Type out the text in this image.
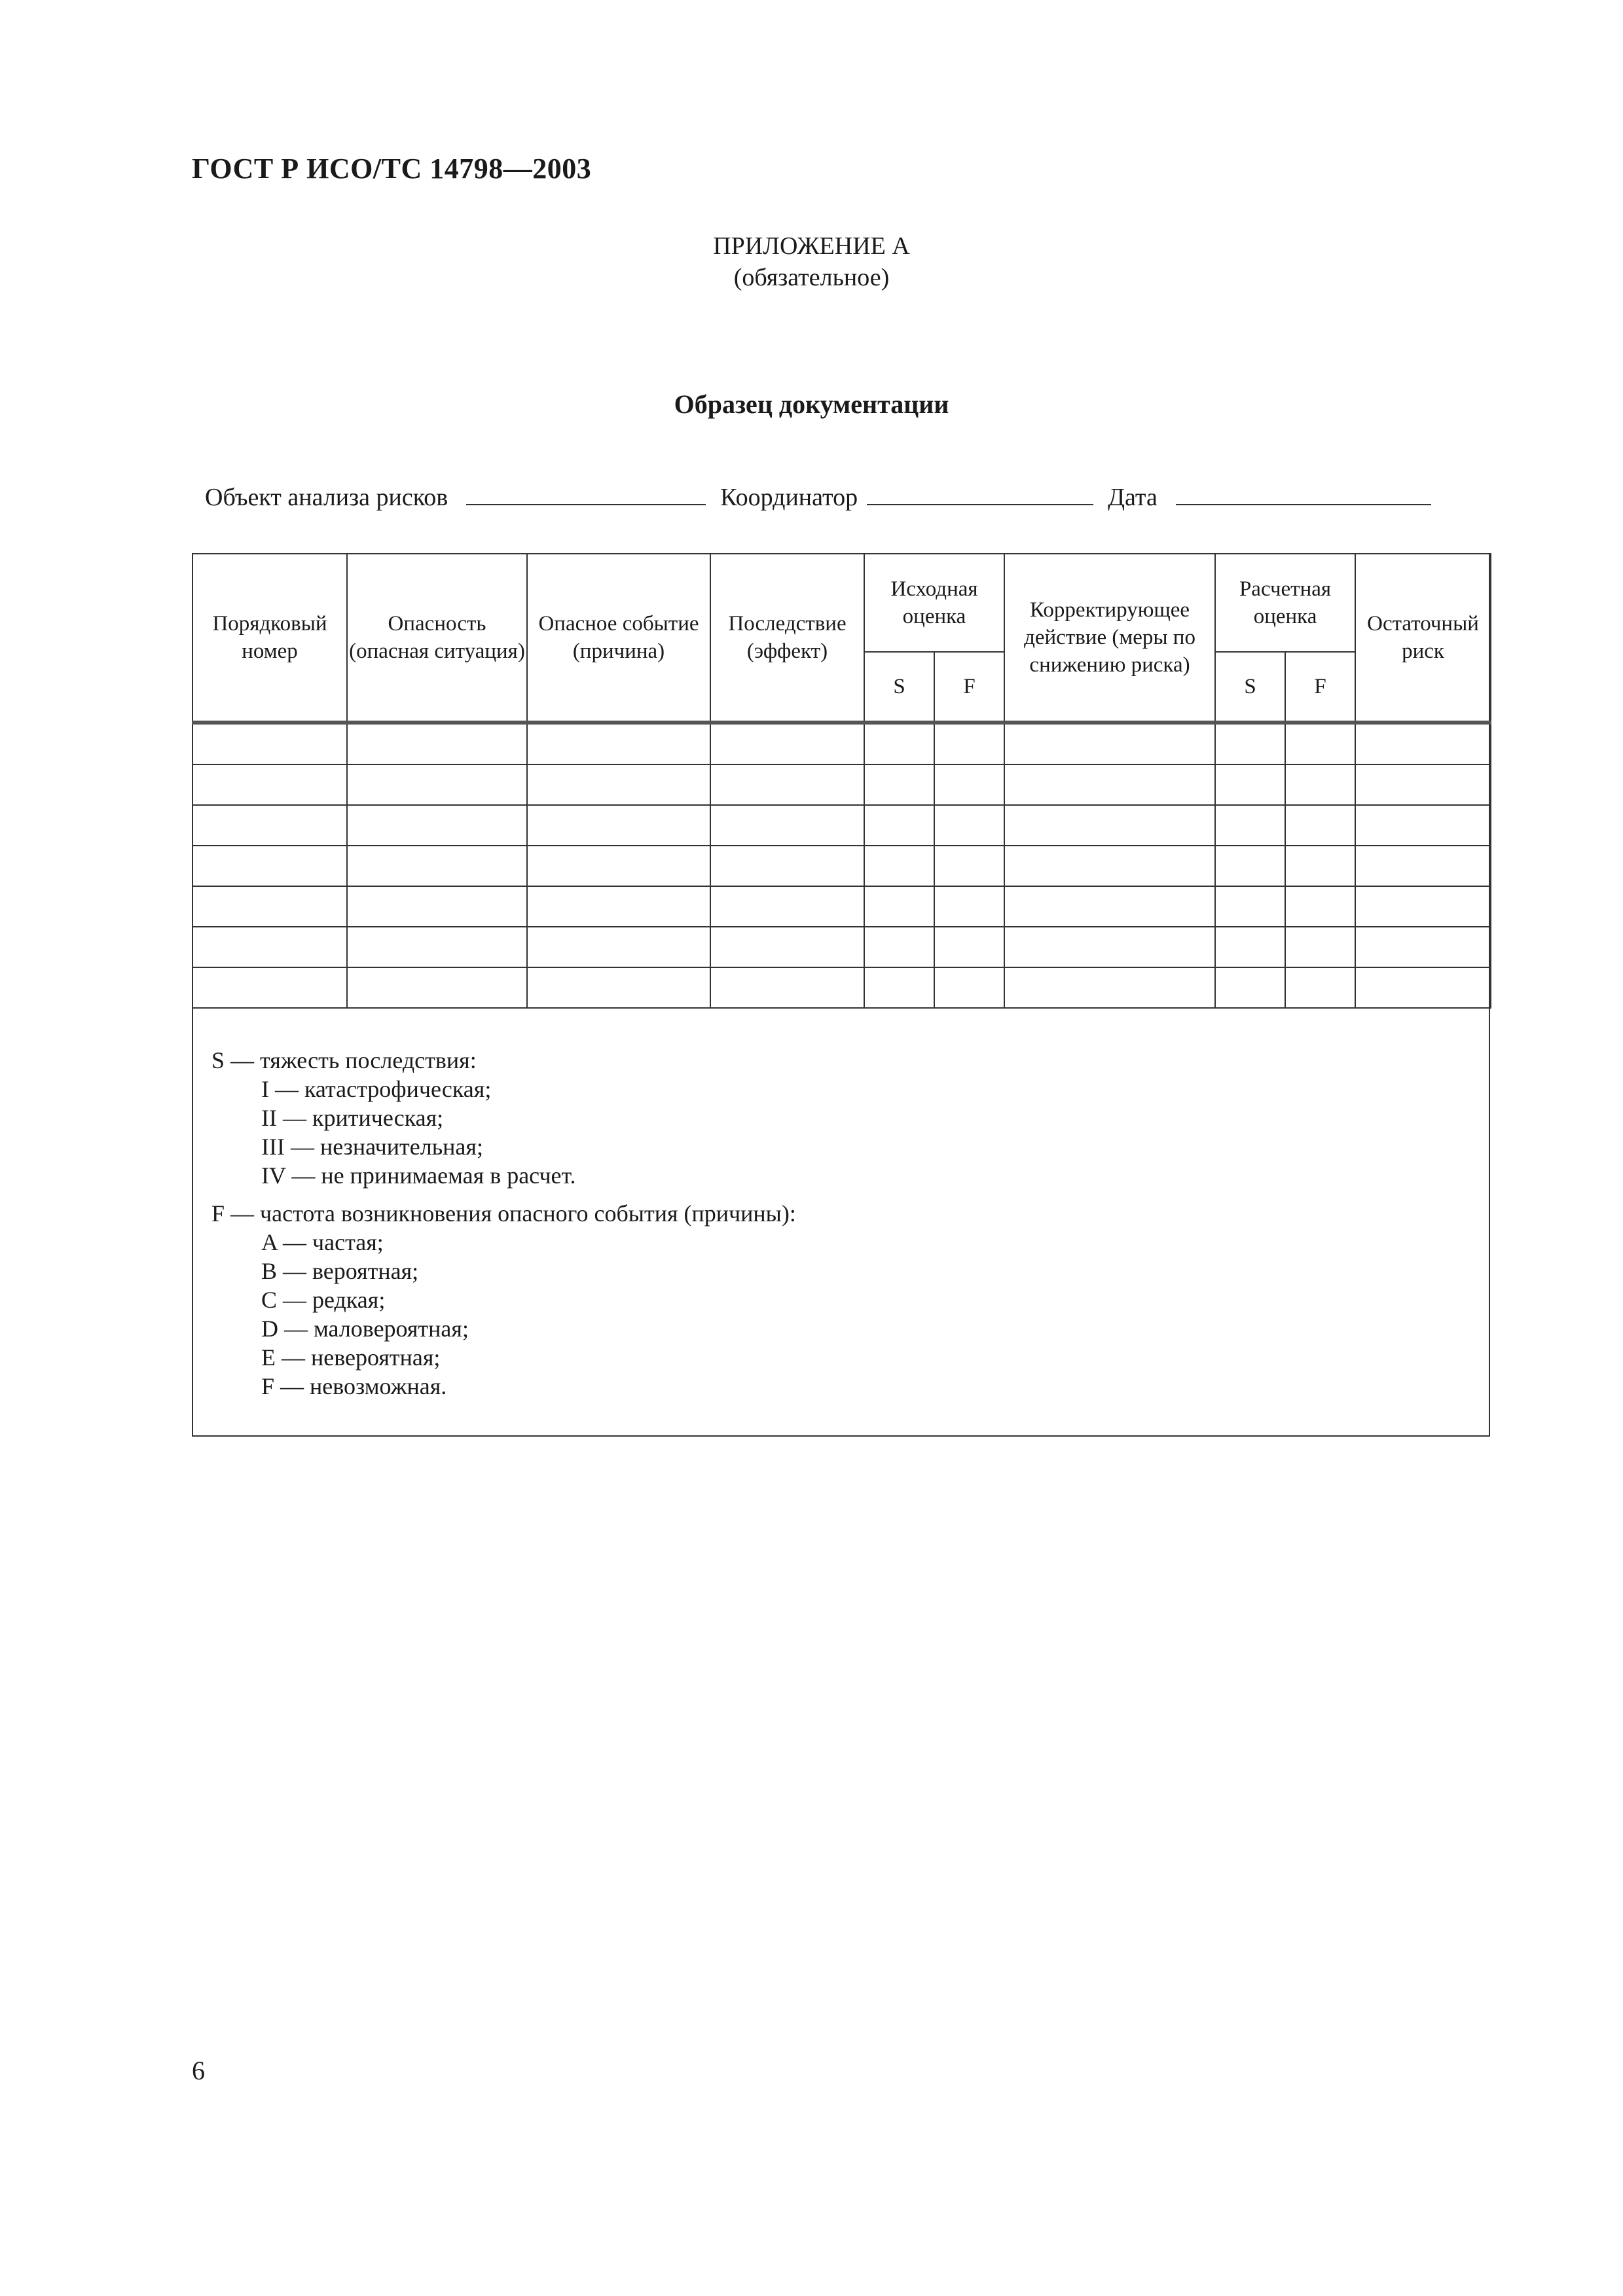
ГОСТ Р ИСО/ТС 14798—2003
ПРИЛОЖЕНИЕ А
(обязательное)
Образец документации
Объект анализа рисков	Координатор	Дата
Порядковый номер	Опасность (опасная ситуация)	Опасное событие (причина)	Последствие (эффект)	Исходная оценка		Корректирующее действие (меры по снижению риска)	Расчетная оценка		Остаточный риск
				S	F		S	F	

S — тяжесть последствия:
I — катастрофическая;
II — критическая;
III — незначительная;
IV — не принимаемая в расчет.
F — частота возникновения опасного события (причины):
A — частая;
B — вероятная;
C — редкая;
D — маловероятная;
E — невероятная;
F — невозможная.
6
